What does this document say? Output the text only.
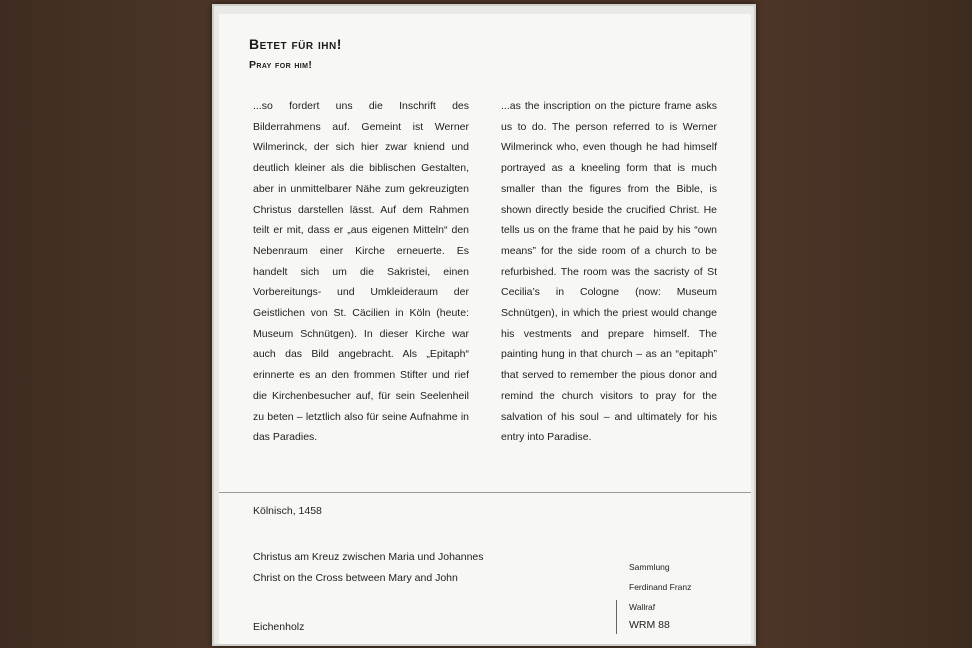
Betet für ihn!
Pray for him!
...so fordert uns die Inschrift des Bilderrahmens auf. Gemeint ist Werner Wilmerinck, der sich hier zwar kniend und deutlich kleiner als die biblischen Gestalten, aber in unmittelbarer Nähe zum gekreuzigten Christus darstellen lässt. Auf dem Rahmen teilt er mit, dass er „aus eigenen Mitteln“ den Nebenraum einer Kirche erneuerte. Es handelt sich um die Sakristei, einen Vorbereitungs- und Umkleideraum der Geistlichen von St. Cäcilien in Köln (heute: Museum Schnütgen). In dieser Kirche war auch das Bild angebracht. Als „Epitaph“ erinnerte es an den frommen Stifter und rief die Kirchenbesucher auf, für sein Seelenheil zu beten – letztlich also für seine Aufnahme in das Paradies.
...as the inscription on the picture frame asks us to do. The person referred to is Werner Wilmerinck who, even though he had himself portrayed as a kneeling form that is much smaller than the figures from the Bible, is shown directly beside the crucified Christ. He tells us on the frame that he paid by his “own means” for the side room of a church to be refurbished. The room was the sacristy of St Cecilia’s in Cologne (now: Museum Schnütgen), in which the priest would change his vestments and prepare himself. The painting hung in that church – as an “epitaph” that served to remember the pious donor and remind the church visitors to pray for the salvation of his soul – and ultimately for his entry into Paradise.
Kölnisch, 1458
Christus am Kreuz zwischen Maria und Johannes
Christ on the Cross between Mary and John
Eichenholz
Sammlung
Ferdinand Franz
Wallraf
WRM 88
